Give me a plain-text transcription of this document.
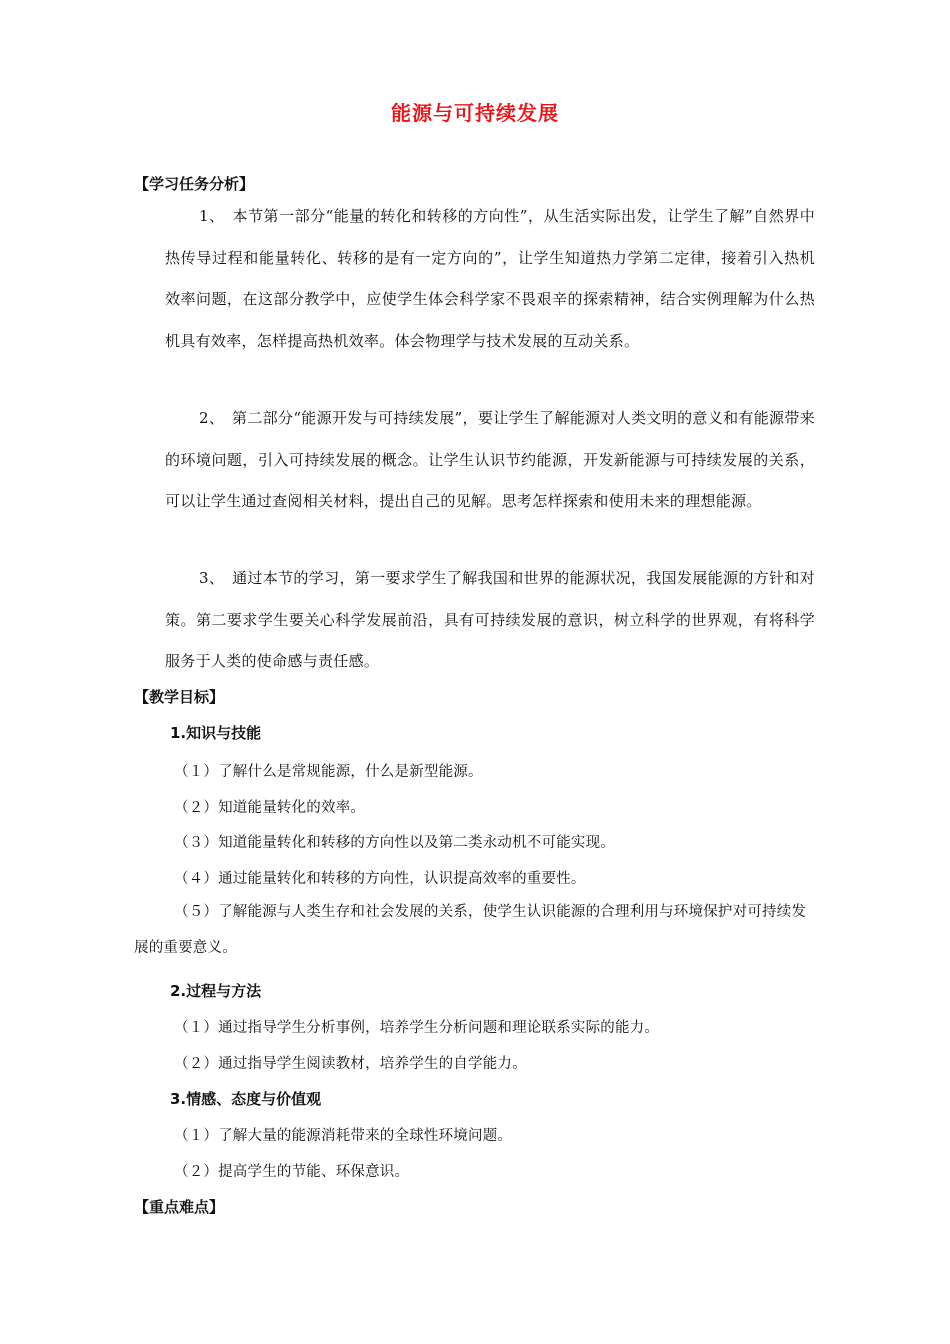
能源与可持续发展
【学习任务分析】
1、　本节第一部分“能量的转化和转移的方向性”，从生活实际出发，让学生了解”自然界中热传导过程和能量转化、转移的是有一定方向的”，让学生知道热力学第二定律，接着引入热机效率问题，在这部分教学中，应使学生体会科学家不畏艰辛的探索精神，结合实例理解为什么热机具有效率，怎样提高热机效率。体会物理学与技术发展的互动关系。
2、　第二部分“能源开发与可持续发展”，要让学生了解能源对人类文明的意义和有能源带来的环境问题，引入可持续发展的概念。让学生认识节约能源，开发新能源与可持续发展的关系，可以让学生通过查阅相关材料，提出自己的见解。思考怎样探索和使用未来的理想能源。
3、　通过本节的学习，第一要求学生了解我国和世界的能源状况，我国发展能源的方针和对策。第二要求学生要关心科学发展前沿，具有可持续发展的意识，树立科学的世界观，有将科学服务于人类的使命感与责任感。
【教学目标】
1.知识与技能
（１）了解什么是常规能源，什么是新型能源。
（２）知道能量转化的效率。
（３）知道能量转化和转移的方向性以及第二类永动机不可能实现。
（４）通过能量转化和转移的方向性，认识提高效率的重要性。
（５）了解能源与人类生存和社会发展的关系，使学生认识能源的合理利用与环境保护对可持续发展的重要意义。
2.过程与方法
（１）通过指导学生分析事例，培养学生分析问题和理论联系实际的能力。
（２）通过指导学生阅读教材，培养学生的自学能力。
3.情感、态度与价值观
（１）了解大量的能源消耗带来的全球性环境问题。
（２）提高学生的节能、环保意识。
【重点难点】
